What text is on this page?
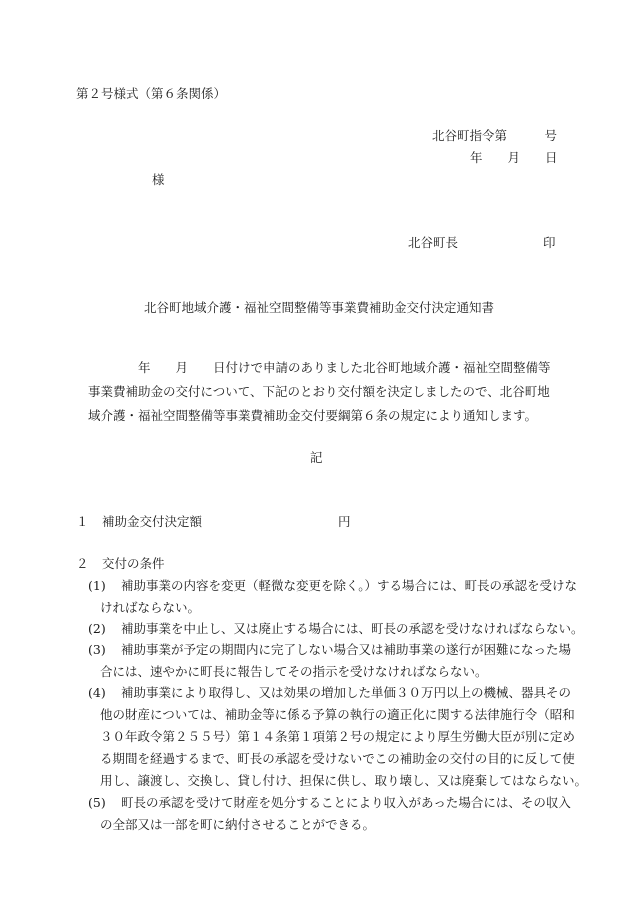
第２号様式（第６条関係）
北谷町指令第　　　号
年　　月　　日
様
北谷町長	印
北谷町地域介護・福祉空間整備等事業費補助金交付決定通知書
年　　月　　日付けで申請のありました北谷町地域介護・福祉空間整備等
事業費補助金の交付について、下記のとおり交付額を決定しましたので、北谷町地
域介護・福祉空間整備等事業費補助金交付要綱第６条の規定により通知します。
記
１ 補助金交付決定額	円
２ 交付の条件
(1) 補助事業の内容を変更（軽微な変更を除く。）する場合には、町長の承認を受けな
ければならない。
(2) 補助事業を中止し、又は廃止する場合には、町長の承認を受けなければならない。
(3) 補助事業が予定の期間内に完了しない場合又は補助事業の遂行が困難になった場
合には、速やかに町長に報告してその指示を受けなければならない。
(4) 補助事業により取得し、又は効果の増加した単価３０万円以上の機械、器具その
他の財産については、補助金等に係る予算の執行の適正化に関する法律施行令（昭和
３０年政令第２５５号）第１４条第１項第２号の規定により厚生労働大臣が別に定め
る期間を経過するまで、町長の承認を受けないでこの補助金の交付の目的に反して使
用し、譲渡し、交換し、貸し付け、担保に供し、取り壊し、又は廃棄してはならない。
(5) 町長の承認を受けて財産を処分することにより収入があった場合には、その収入
の全部又は一部を町に納付させることができる。
